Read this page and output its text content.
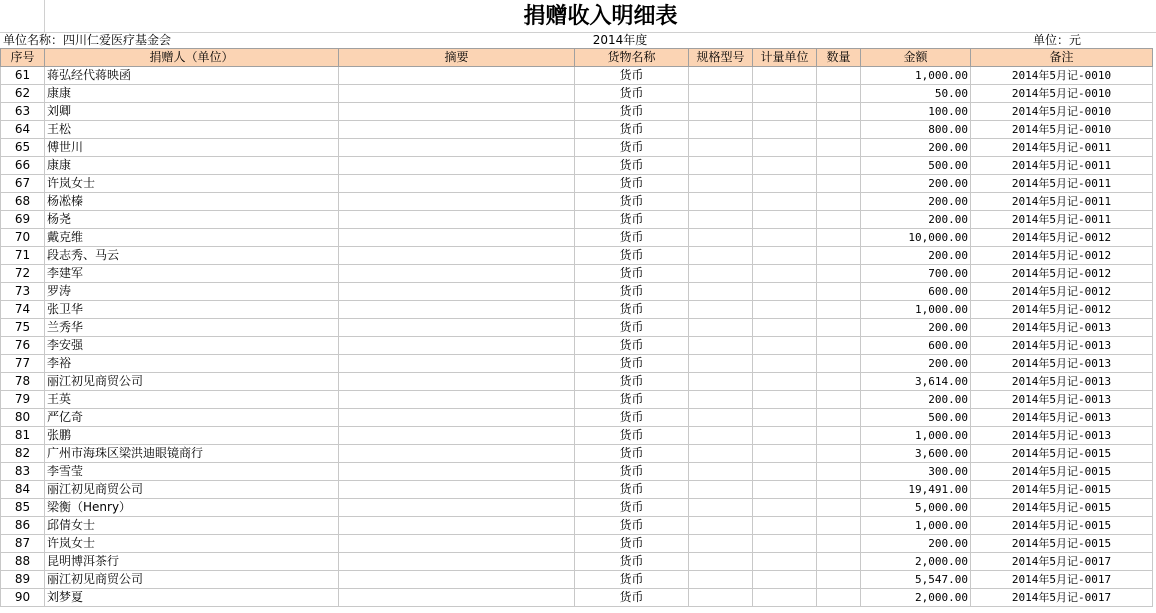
捐赠收入明细表
单位名称：四川仁爱医疗基金会	2014年度	单位：元
序号	捐赠人（单位）	摘要	货物名称	规格型号	计量单位	数量	金额	备注
61	蒋弘经代蒋映函		货币				1,000.00	2014年5月记-0010
62	康康		货币				50.00	2014年5月记-0010
63	刘卿		货币				100.00	2014年5月记-0010
64	王松		货币				800.00	2014年5月记-0010
65	傅世川		货币				200.00	2014年5月记-0011
66	康康		货币				500.00	2014年5月记-0011
67	许岚女士		货币				200.00	2014年5月记-0011
68	杨凇榛		货币				200.00	2014年5月记-0011
69	杨尧		货币				200.00	2014年5月记-0011
70	戴克维		货币				10,000.00	2014年5月记-0012
71	段志秀、马云		货币				200.00	2014年5月记-0012
72	李建军		货币				700.00	2014年5月记-0012
73	罗涛		货币				600.00	2014年5月记-0012
74	张卫华		货币				1,000.00	2014年5月记-0012
75	兰秀华		货币				200.00	2014年5月记-0013
76	李安强		货币				600.00	2014年5月记-0013
77	李裕		货币				200.00	2014年5月记-0013
78	丽江初见商贸公司		货币				3,614.00	2014年5月记-0013
79	王英		货币				200.00	2014年5月记-0013
80	严亿奇		货币				500.00	2014年5月记-0013
81	张鹏		货币				1,000.00	2014年5月记-0013
82	广州市海珠区梁洪迪眼镜商行		货币				3,600.00	2014年5月记-0015
83	李雪莹		货币				300.00	2014年5月记-0015
84	丽江初见商贸公司		货币				19,491.00	2014年5月记-0015
85	梁衡（Henry）		货币				5,000.00	2014年5月记-0015
86	邱倩女士		货币				1,000.00	2014年5月记-0015
87	许岚女士		货币				200.00	2014年5月记-0015
88	昆明博洱茶行		货币				2,000.00	2014年5月记-0017
89	丽江初见商贸公司		货币				5,547.00	2014年5月记-0017
90	刘梦夏		货币				2,000.00	2014年5月记-0017
